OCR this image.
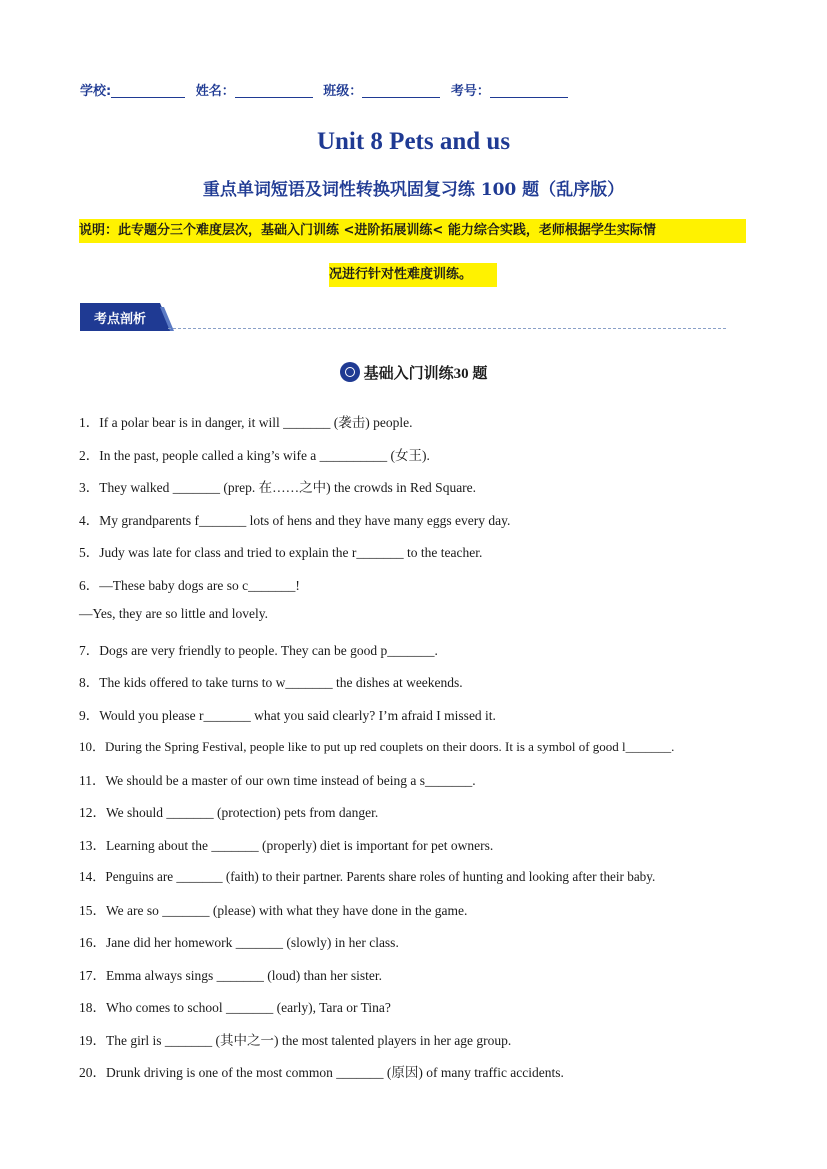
学校:	姓名：	班级：	考号：
Unit 8 Pets and us
重点单词短语及词性转换巩固复习练 100 题（乱序版）
说明：此专题分三个难度层次，基础入门训练 <进阶拓展训练< 能力综合实践，老师根据学生实际情
况进行针对性难度训练。
考点剖析
基础入门训练30 题
1．If a polar bear is in danger, it will _______ (袭击) people.
2．In the past, people called a king’s wife a __________ (女王).
3．They walked _______ (prep. 在……之中) the crowds in Red Square.
4．My grandparents f_______ lots of hens and they have many eggs every day.
5．Judy was late for class and tried to explain the r_______ to the teacher.
6．—These baby dogs are so c_______!
—Yes, they are so little and lovely.
7．Dogs are very friendly to people. They can be good p_______.
8．The kids offered to take turns to w_______ the dishes at weekends.
9．Would you please r_______ what you said clearly? I’m afraid I missed it.
10．During the Spring Festival, people like to put up red couplets on their doors. It is a symbol of good l_______.
11．We should be a master of our own time instead of being a s_______.
12．We should _______ (protection) pets from danger.
13．Learning about the _______ (properly) diet is important for pet owners.
14．Penguins are _______ (faith) to their partner. Parents share roles of hunting and looking after their baby.
15．We are so _______ (please) with what they have done in the game.
16．Jane did her homework _______ (slowly) in her class.
17．Emma always sings _______ (loud) than her sister.
18．Who comes to school _______ (early), Tara or Tina?
19．The girl is _______ (其中之一) the most talented players in her age group.
20．Drunk driving is one of the most common _______ (原因) of many traffic accidents.
